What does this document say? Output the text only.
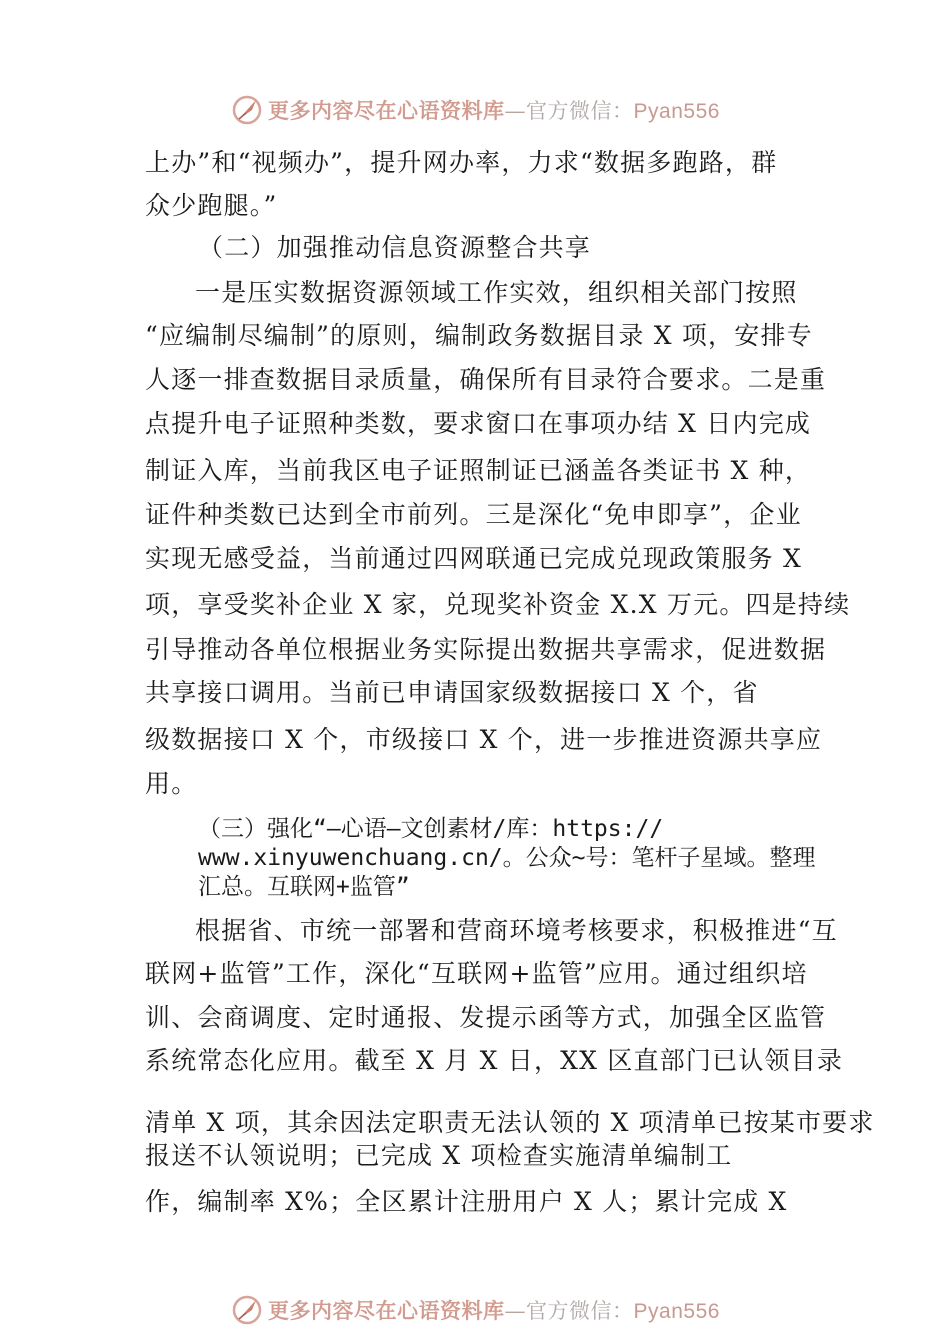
更多内容尽在心语资料库—官方微信：Pyan556
上办”和“视频办”，提升网办率，力求“数据多跑路，群
众少跑腿。”
（二）加强推动信息资源整合共享
一是压实数据资源领域工作实效，组织相关部门按照
“应编制尽编制”的原则，编制政务数据目录 X 项，安排专
人逐一排查数据目录质量，确保所有目录符合要求。二是重
点提升电子证照种类数，要求窗口在事项办结 X 日内完成
制证入库，当前我区电子证照制证已涵盖各类证书 X 种，
证件种类数已达到全市前列。三是深化“免申即享”，企业
实现无感受益，当前通过四网联通已完成兑现政策服务 X
项，享受奖补企业 X 家，兑现奖补资金 X.X 万元。四是持续
引导推动各单位根据业务实际提出数据共享需求，促进数据
共享接口调用。当前已申请国家级数据接口 X 个，省
级数据接口 X 个，市级接口 X 个，进一步推进资源共享应
用。
（三）强化“—心语—文创素材/库：https://
www.xinyuwenchuang.cn/。公众~号：笔杆子星域。整理
汇总。互联网+监管”
根据省、市统一部署和营商环境考核要求，积极推进“互
联网+监管”工作，深化“互联网+监管”应用。通过组织培
训、会商调度、定时通报、发提示函等方式，加强全区监管
系统常态化应用。截至 X 月 X 日，XX 区直部门已认领目录
清单 X 项，其余因法定职责无法认领的 X 项清单已按某市要求
报送不认领说明；已完成 X 项检查实施清单编制工
作，编制率 X%；全区累计注册用户 X 人；累计完成 X
更多内容尽在心语资料库—官方微信：Pyan556
